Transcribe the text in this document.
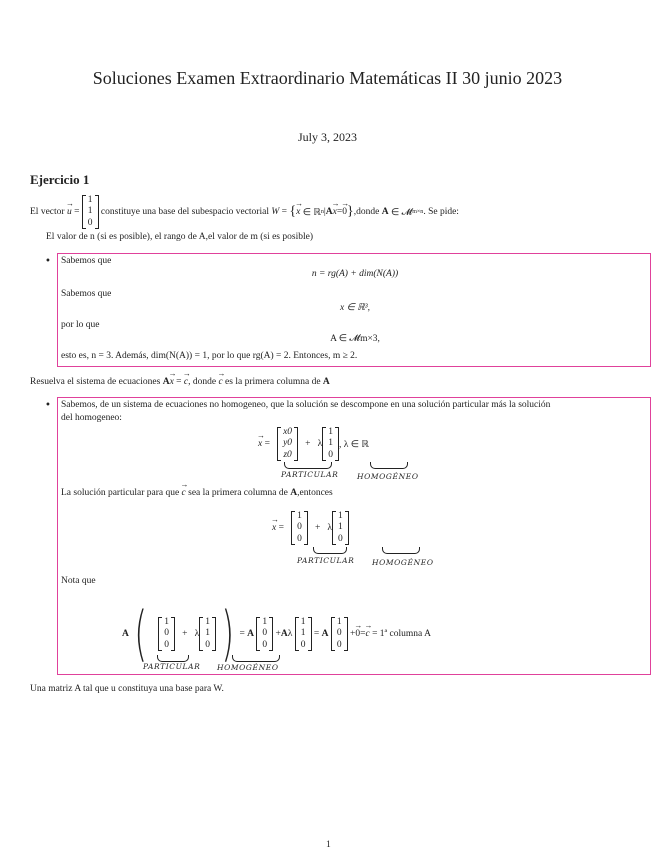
Soluciones Examen Extraordinario Matemáticas II 30 junio 2023
July 3, 2023
Ejercicio 1
El vector
→ u =
1
1
0

constituye una base del subespacio vectorial
W = { → x ∈ ℝ n | A → x = → 0 } ,donde
A ∈ 𝓜 m×n . Se pide:
El valor de n (si es posible), el rango de A,el valor de m (si es posible)
• Sabemos que
n = rg(A) + dim(N(A))
Sabemos que
x ∈ ℝ³,
por lo que
A ∈ 𝓜m×3,
esto es, n = 3. Además, dim(N(A)) = 1, por lo que rg(A) = 2. Entonces, m ≥ 2.
Resuelva el sistema de ecuaciones A→ x = → c, donde → c es la primera columna de A
• Sabemos, de un sistema de ecuaciones no homogeneo, que la solución se descompone en una solución particular más la solución
del homogeneo:
→ x =
x0
y0
z0
+   λ
1
1
0
, λ ∈ ℝ
PARTICULAR HOMOGÉNEO
La solución particular para que → c sea la primera columna de A,entonces
→ x =
1
0
0
+   λ
1
1
0
PARTICULAR HOMOGÉNEO
Nota que
A (	1
0
0
+   λ
1
1
0 ) = A
1
0
0
+ A λ
1
1
0
= A
1
0
0
+ → 0 = → c
= 1ª columna A
PARTICULAR HOMOGÉNEO
Una matriz A tal que u constituya una base para W.
1
